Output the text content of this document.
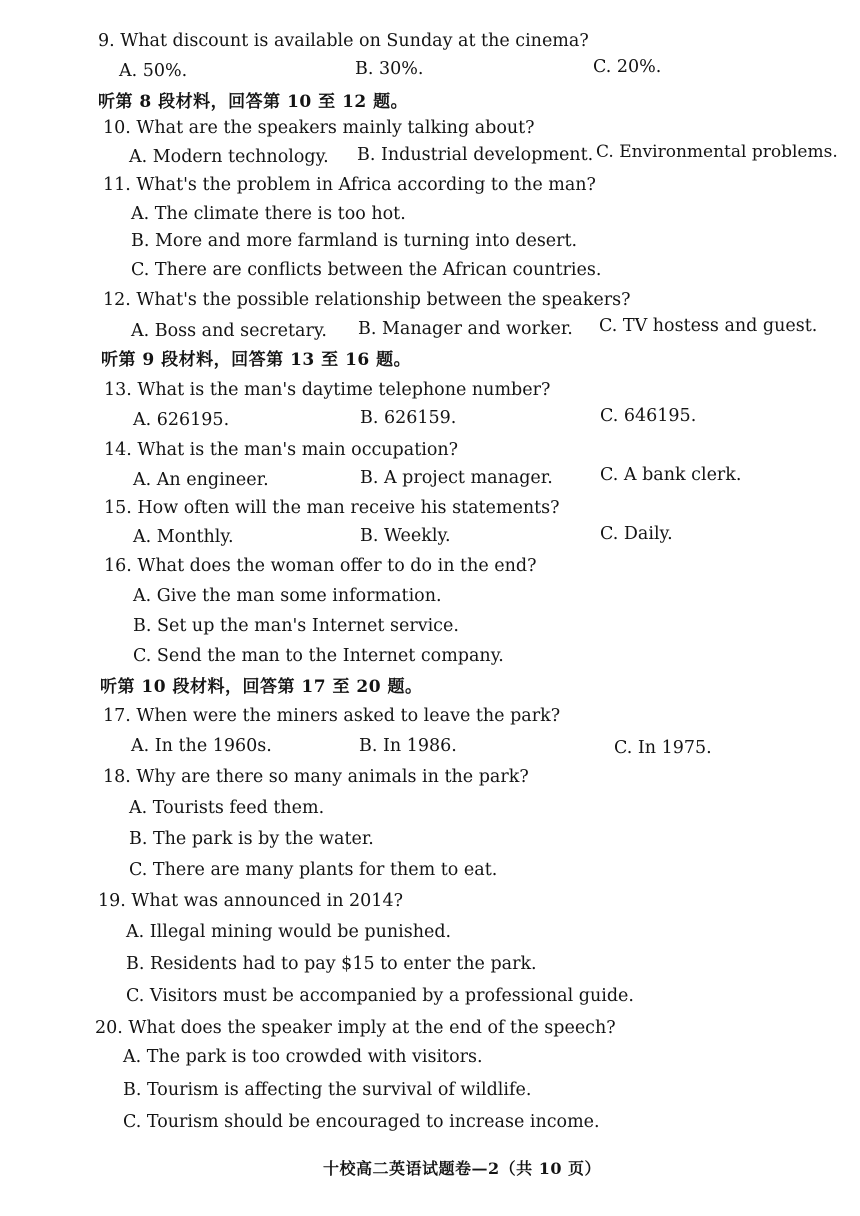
9. What discount is available on Sunday at the cinema?
A. 50%.	B. 30%.	C. 20%.
听第 8 段材料，回答第 10 至 12 题。
10. What are the speakers mainly talking about?
A. Modern technology. B. Industrial development. C. Environmental problems.
11. What's the problem in Africa according to the man?
A. The climate there is too hot.
B. More and more farmland is turning into desert.
C. There are conflicts between the African countries.
12. What's the possible relationship between the speakers?
A. Boss and secretary. B. Manager and worker. C. TV hostess and guest.
听第 9 段材料，回答第 13 至 16 题。
13. What is the man's daytime telephone number?
A. 626195.	B. 626159.	C. 646195.
14. What is the man's main occupation?
A. An engineer.	B. A project manager.	C. A bank clerk.
15. How often will the man receive his statements?
A. Monthly.	B. Weekly.	C. Daily.
16. What does the woman offer to do in the end?
A. Give the man some information.
B. Set up the man's Internet service.
C. Send the man to the Internet company.
听第 10 段材料，回答第 17 至 20 题。
17. When were the miners asked to leave the park?
A. In the 1960s.	B. In 1986.	C. In 1975.
18. Why are there so many animals in the park?
A. Tourists feed them.
B. The park is by the water.
C. There are many plants for them to eat.
19. What was announced in 2014?
A. Illegal mining would be punished.
B. Residents had to pay $15 to enter the park.
C. Visitors must be accompanied by a professional guide.
20. What does the speaker imply at the end of the speech?
A. The park is too crowded with visitors.
B. Tourism is affecting the survival of wildlife.
C. Tourism should be encouraged to increase income.
十校高二英语试题卷—2（共 10 页）
